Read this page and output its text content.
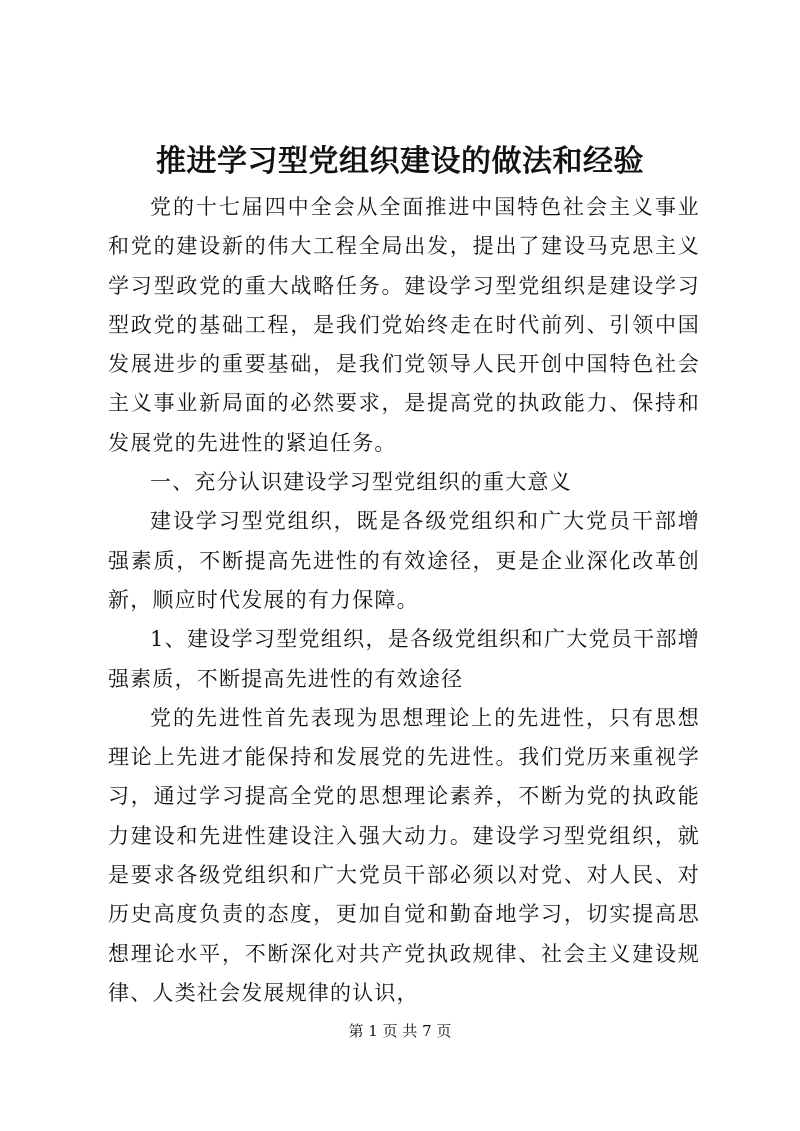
推进学习型党组织建设的做法和经验

党的十七届四中全会从全面推进中国特色社会主义事业和党的建设新的伟大工程全局出发，提出了建设马克思主义学习型政党的重大战略任务。建设学习型党组织是建设学习型政党的基础工程，是我们党始终走在时代前列、引领中国发展进步的重要基础，是我们党领导人民开创中国特色社会主义事业新局面的必然要求，是提高党的执政能力、保持和发展党的先进性的紧迫任务。

一、充分认识建设学习型党组织的重大意义

建设学习型党组织，既是各级党组织和广大党员干部增强素质，不断提高先进性的有效途径，更是企业深化改革创新，顺应时代发展的有力保障。

1、建设学习型党组织，是各级党组织和广大党员干部增强素质，不断提高先进性的有效途径

党的先进性首先表现为思想理论上的先进性，只有思想理论上先进才能保持和发展党的先进性。我们党历来重视学习，通过学习提高全党的思想理论素养，不断为党的执政能力建设和先进性建设注入强大动力。建设学习型党组织，就是要求各级党组织和广大党员干部必须以对党、对人民、对历史高度负责的态度，更加自觉和勤奋地学习，切实提高思想理论水平，不断深化对共产党执政规律、社会主义建设规律、人类社会发展规律的认识，

第 1 页 共 7 页
